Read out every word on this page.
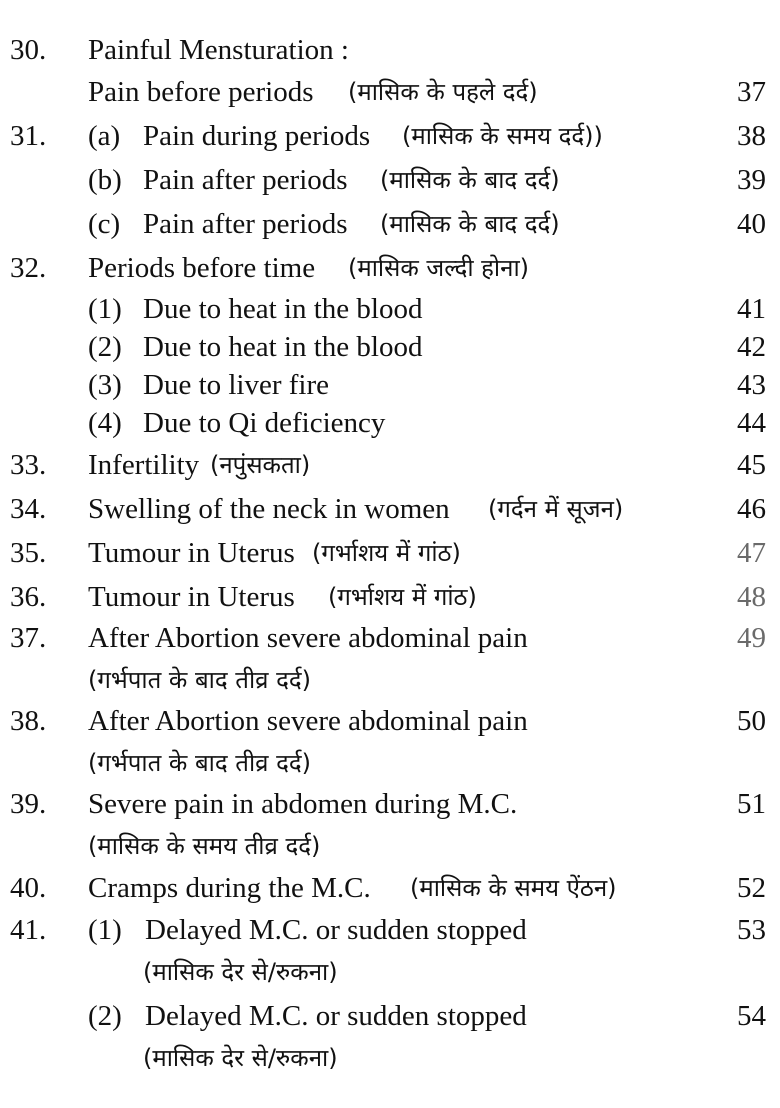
30. Painful Mensturation :
Pain before periods (मासिक के पहले दर्द)	37
31. (a) Pain during periods (मासिक के समय दर्द))	38
(b) Pain after periods (मासिक के बाद दर्द)	39
(c) Pain after periods (मासिक के बाद दर्द)	40
32. Periods before time (मासिक जल्दी होना)
(1) Due to heat in the blood	41
(2) Due to heat in the blood	42
(3) Due to liver fire	43
(4) Due to Qi deficiency	44
33. Infertility (नपुंसकता)	45
34. Swelling of the neck in women (गर्दन में सूजन)	46
35. Tumour in Uterus (गर्भाशय में गांठ)	47
36. Tumour in Uterus (गर्भाशय में गांठ)	48
37. After Abortion severe abdominal pain	49
(गर्भपात के बाद तीव्र दर्द)
38. After Abortion severe abdominal pain	50
(गर्भपात के बाद तीव्र दर्द)
39. Severe pain in abdomen during M.C.	51
(मासिक के समय तीव्र दर्द)
40. Cramps during the M.C. (मासिक के समय ऐंठन)	52
41. (1) Delayed M.C. or sudden stopped	53
(मासिक देर से/रुकना)
(2) Delayed M.C. or sudden stopped	54
(मासिक देर से/रुकना)
